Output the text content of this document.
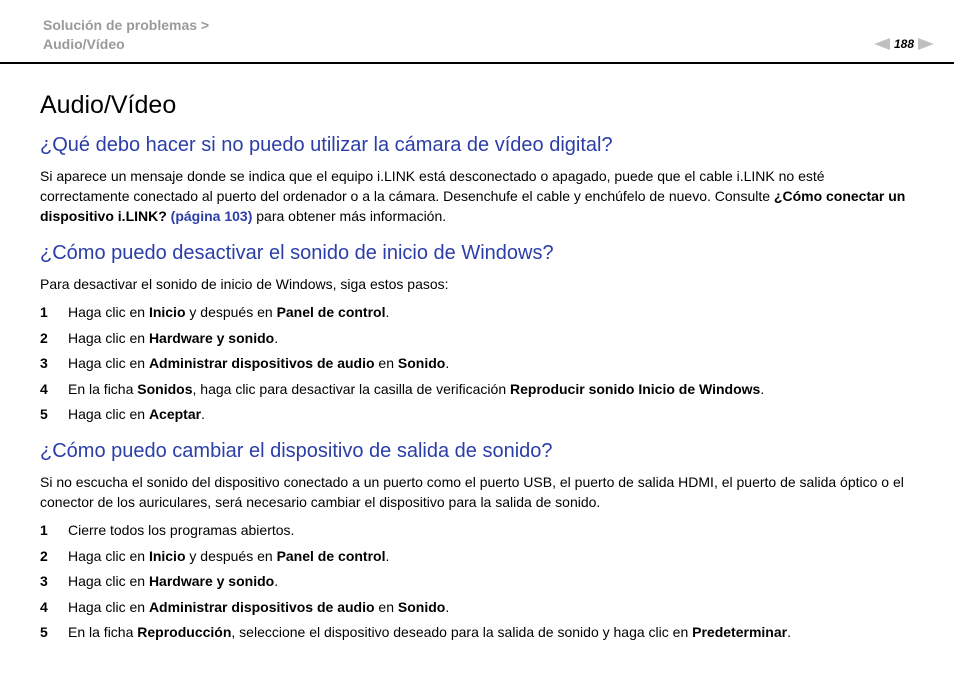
Solución de problemas >
Audio/Vídeo	188
Audio/Vídeo
¿Qué debo hacer si no puedo utilizar la cámara de vídeo digital?

Si aparece un mensaje donde se indica que el equipo i.LINK está desconectado o apagado, puede que el cable i.LINK no esté correctamente conectado al puerto del ordenador o a la cámara. Desenchufe el cable y enchúfelo de nuevo. Consulte ¿Cómo conectar un dispositivo i.LINK? (página 103) para obtener más información.

¿Cómo puedo desactivar el sonido de inicio de Windows?

Para desactivar el sonido de inicio de Windows, siga estos pasos:

1	Haga clic en Inicio y después en Panel de control.
2	Haga clic en Hardware y sonido.
3	Haga clic en Administrar dispositivos de audio en Sonido.
4	En la ficha Sonidos, haga clic para desactivar la casilla de verificación Reproducir sonido Inicio de Windows.
5	Haga clic en Aceptar.
¿Cómo puedo cambiar el dispositivo de salida de sonido?

Si no escucha el sonido del dispositivo conectado a un puerto como el puerto USB, el puerto de salida HDMI, el puerto de salida óptico o el conector de los auriculares, será necesario cambiar el dispositivo para la salida de sonido.

1	Cierre todos los programas abiertos.
2	Haga clic en Inicio y después en Panel de control.
3	Haga clic en Hardware y sonido.
4	Haga clic en Administrar dispositivos de audio en Sonido.
5	En la ficha Reproducción, seleccione el dispositivo deseado para la salida de sonido y haga clic en Predeterminar.
